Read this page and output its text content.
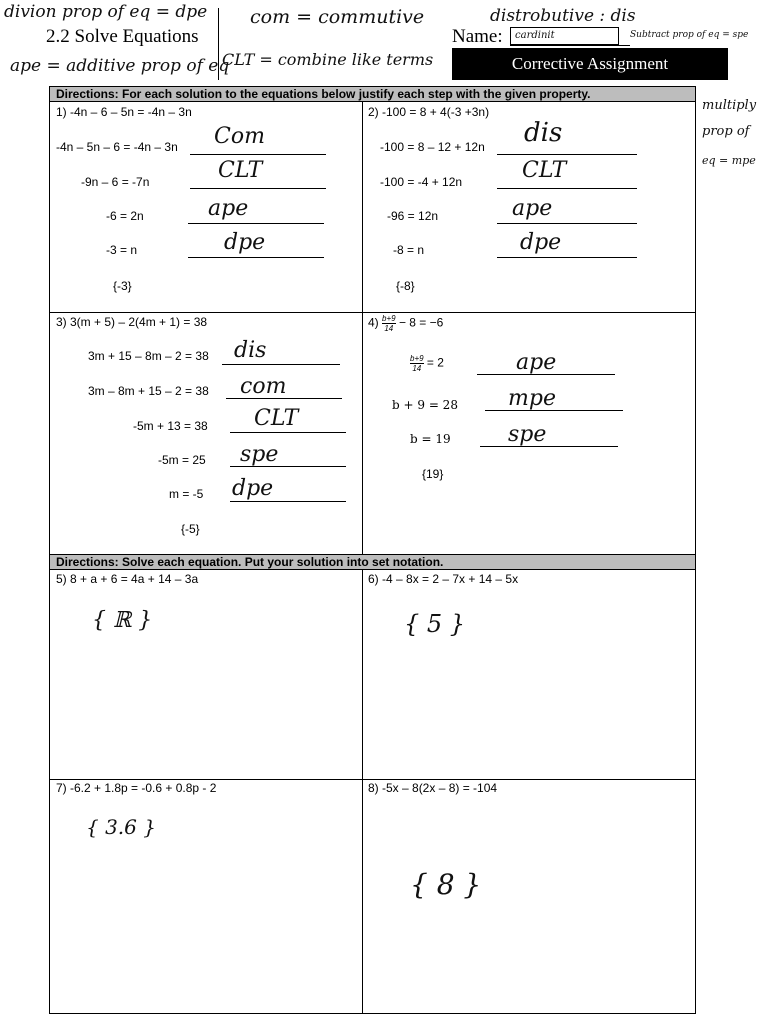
divion prop of eq = dpe
ape = additive prop of eq
com = commutive
CLT = combine like terms
distrobutive : dis
Subtract prop of eq = spe
multiply
prop of
eq = mpe
2.2 Solve Equations	Name:	cardinit
Corrective Assignment
Directions: For each solution to the equations below justify each step with the given property.
Directions: Solve each equation. Put your solution into set notation.
1) -4n – 6 – 5n = -4n – 3n
-4n – 5n – 6 = -4n – 3n
-9n – 6 = -7n
-6 = 2n
-3 = n
Com
CLT
ape
dpe
{-3}
2) -100 = 8 + 4(-3 +3n)
-100 = 8 – 12 + 12n
-100 = -4 + 12n
-96 = 12n
-8 = n
dis
CLT
ape
dpe
{-8}
3) 3(m + 5) – 2(4m + 1) = 38
3m + 15 – 8m – 2 = 38
3m – 8m + 15 – 2 = 38
-5m + 13 = 38
-5m = 25
m = -5
dis
com
CLT
spe
dpe
{-5}
$4) \frac{b+9}{14} - 8 = -6$
$\frac{b+9}{14} = 2$
b + 9 = 28
b = 19
ape
mpe
spe
{19}
5) 8 + a + 6 = 4a + 14 – 3a
{ ℝ }
6) -4 – 8x = 2 – 7x + 14 – 5x
{ 5 }
7) -6.2 + 1.8p = -0.6 + 0.8p - 2
{ 3.6 }
8) -5x – 8(2x – 8) = -104
{ 8 }
